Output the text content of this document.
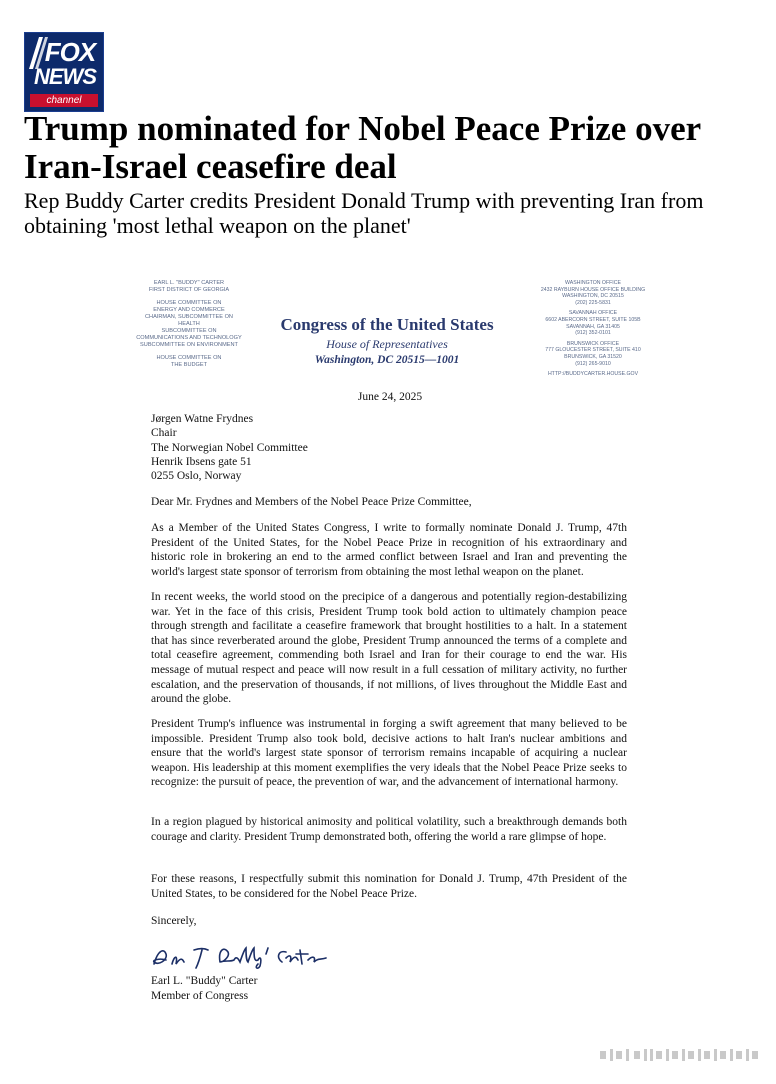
FOX
NEWS
channel
Trump nominated for Nobel Peace Prize over Iran-Israel ceasefire deal

Rep Buddy Carter credits President Donald Trump with preventing Iran from obtaining 'most lethal weapon on the planet'

EARL L. "BUDDY" CARTER
FIRST DISTRICT OF GEORGIA
HOUSE COMMITTEE ON
ENERGY AND COMMERCE
CHAIRMAN, SUBCOMMITTEE ON
HEALTH
SUBCOMMITTEE ON
COMMUNICATIONS AND TECHNOLOGY
SUBCOMMITTEE ON ENVIRONMENT
HOUSE COMMITTEE ON
THE BUDGET
Congress of the United States
House of Representatives
Washington, DC 20515—1001
WASHINGTON OFFICE
2432 RAYBURN HOUSE OFFICE BUILDING
WASHINGTON, DC 20515
(202) 225-5831
SAVANNAH OFFICE
6602 ABERCORN STREET, SUITE 105B
SAVANNAH, GA 31405
(912) 352-0101
BRUNSWICK OFFICE
777 GLOUCESTER STREET, SUITE 410
BRUNSWICK, GA 31520
(912) 265-9010
HTTP://BUDDYCARTER.HOUSE.GOV
June 24, 2025
Jørgen Watne Frydnes
Chair
The Norwegian Nobel Committee
Henrik Ibsens gate 51
0255 Oslo, Norway
Dear Mr. Frydnes and Members of the Nobel Peace Prize Committee,

As a Member of the United States Congress, I write to formally nominate Donald J. Trump, 47th President of the United States, for the Nobel Peace Prize in recognition of his extraordinary and historic role in brokering an end to the armed conflict between Israel and Iran and preventing the world's largest state sponsor of terrorism from obtaining the most lethal weapon on the planet.

In recent weeks, the world stood on the precipice of a dangerous and potentially region-destabilizing war. Yet in the face of this crisis, President Trump took bold action to ultimately champion peace through strength and facilitate a ceasefire framework that brought hostilities to a halt. In a statement that has since reverberated around the globe, President Trump announced the terms of a complete and total ceasefire agreement, commending both Israel and Iran for their courage to end the war. His message of mutual respect and peace will now result in a full cessation of military activity, no further escalation, and the preservation of thousands, if not millions, of lives throughout the Middle East and around the globe.

President Trump's influence was instrumental in forging a swift agreement that many believed to be impossible. President Trump also took bold, decisive actions to halt Iran's nuclear ambitions and ensure that the world's largest state sponsor of terrorism remains incapable of acquiring a nuclear weapon. His leadership at this moment exemplifies the very ideals that the Nobel Peace Prize seeks to recognize: the pursuit of peace, the prevention of war, and the advancement of international harmony.

In a region plagued by historical animosity and political volatility, such a breakthrough demands both courage and clarity. President Trump demonstrated both, offering the world a rare glimpse of hope.

For these reasons, I respectfully submit this nomination for Donald J. Trump, 47th President of the United States, to be considered for the Nobel Peace Prize.

Sincerely,
Earl L. "Buddy" Carter
Member of Congress
